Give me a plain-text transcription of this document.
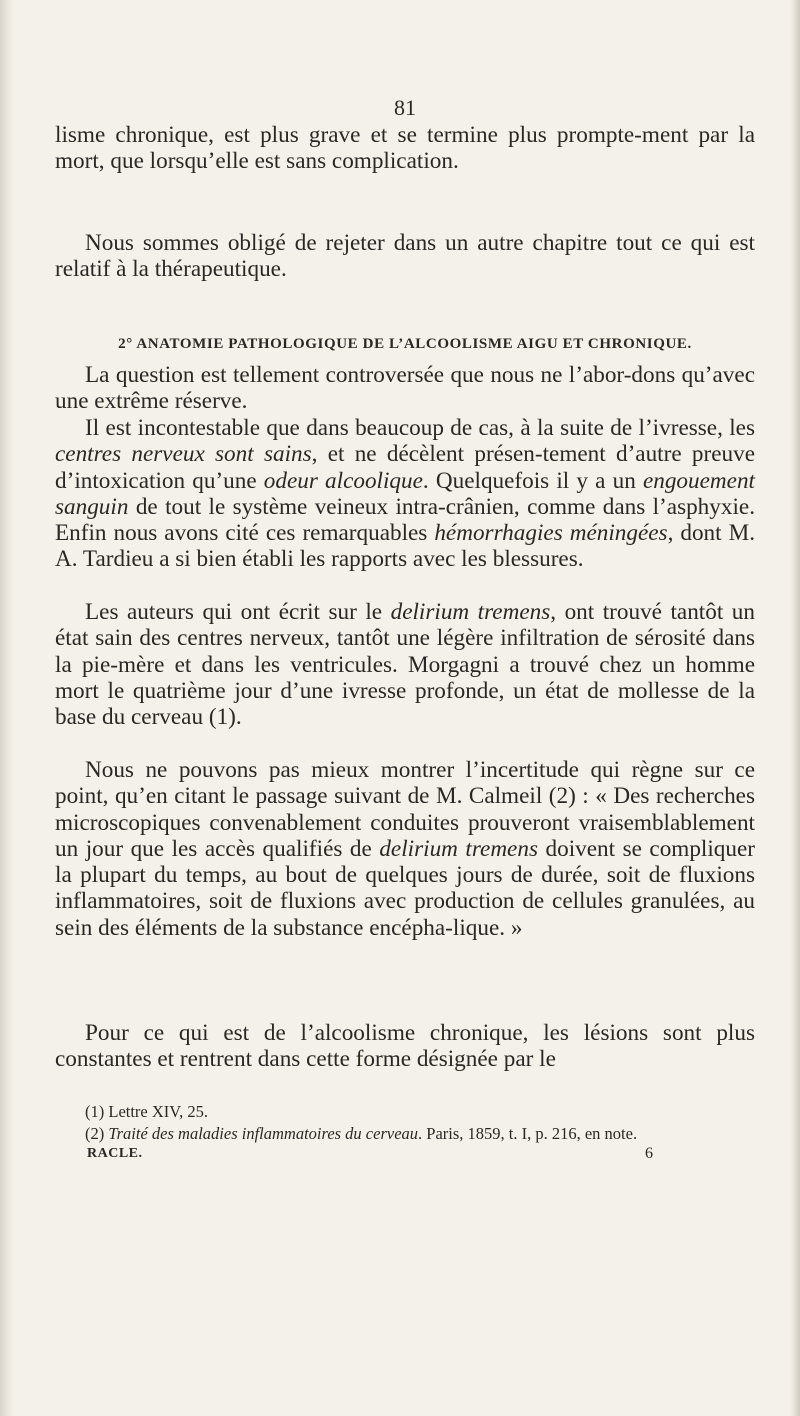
81

lisme chronique, est plus grave et se termine plus prompte-ment par la mort, que lorsqu’elle est sans complication.

Nous sommes obligé de rejeter dans un autre chapitre tout ce qui est relatif à la thérapeutique.

2° ANATOMIE PATHOLOGIQUE DE L’ALCOOLISME AIGU ET CHRONIQUE.

La question est tellement controversée que nous ne l’abor-dons qu’avec une extrême réserve.

Il est incontestable que dans beaucoup de cas, à la suite de l’ivresse, les centres nerveux sont sains, et ne décèlent présen-tement d’autre preuve d’intoxication qu’une odeur alcoolique. Quelquefois il y a un engouement sanguin de tout le système veineux intra-crânien, comme dans l’asphyxie. Enfin nous avons cité ces remarquables hémorrhagies méningées, dont M. A. Tardieu a si bien établi les rapports avec les blessures.

Les auteurs qui ont écrit sur le delirium tremens, ont trouvé tantôt un état sain des centres nerveux, tantôt une légère infiltration de sérosité dans la pie-mère et dans les ventricules. Morgagni a trouvé chez un homme mort le quatrième jour d’une ivresse profonde, un état de mollesse de la base du cerveau (1).

Nous ne pouvons pas mieux montrer l’incertitude qui règne sur ce point, qu’en citant le passage suivant de M. Calmeil (2) : « Des recherches microscopiques convenablement conduites prouveront vraisemblablement un jour que les accès qualifiés de delirium tremens doivent se compliquer la plupart du temps, au bout de quelques jours de durée, soit de fluxions inflammatoires, soit de fluxions avec production de cellules granulées, au sein des éléments de la substance encépha-lique. »

Pour ce qui est de l’alcoolisme chronique, les lésions sont plus constantes et rentrent dans cette forme désignée par le

(1) Lettre XIV, 25.

(2) Traité des maladies inflammatoires du cerveau. Paris, 1859, t. I, p. 216, en note.

RACLE.	6
